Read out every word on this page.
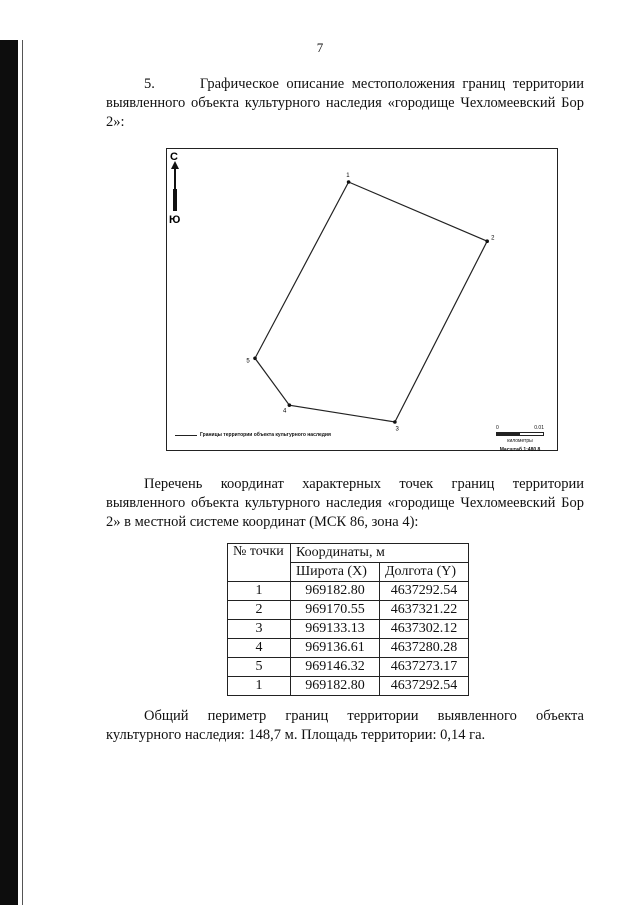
7
5.	Графическое описание местоположения границ территории выявленного объекта культурного наследия «городище Чехломеевский Бор 2»:
С
Ю
1
2
3
4
5
Границы территории объекта культурного наследия
0	0.01
километры
Масштаб 1:480.8
Перечень координат характерных точек границ территории выявленного объекта культурного наследия «городище Чехломеевский Бор 2» в местной системе координат (МСК 86, зона 4):
№ точки	Координаты, м	
	Широта (X)	Долгота (Y)
1	969182.80	4637292.54
2	969170.55	4637321.22
3	969133.13	4637302.12
4	969136.61	4637280.28
5	969146.32	4637273.17
1	969182.80	4637292.54
Общий периметр границ территории выявленного объекта культурного наследия: 148,7 м. Площадь территории: 0,14 га.
